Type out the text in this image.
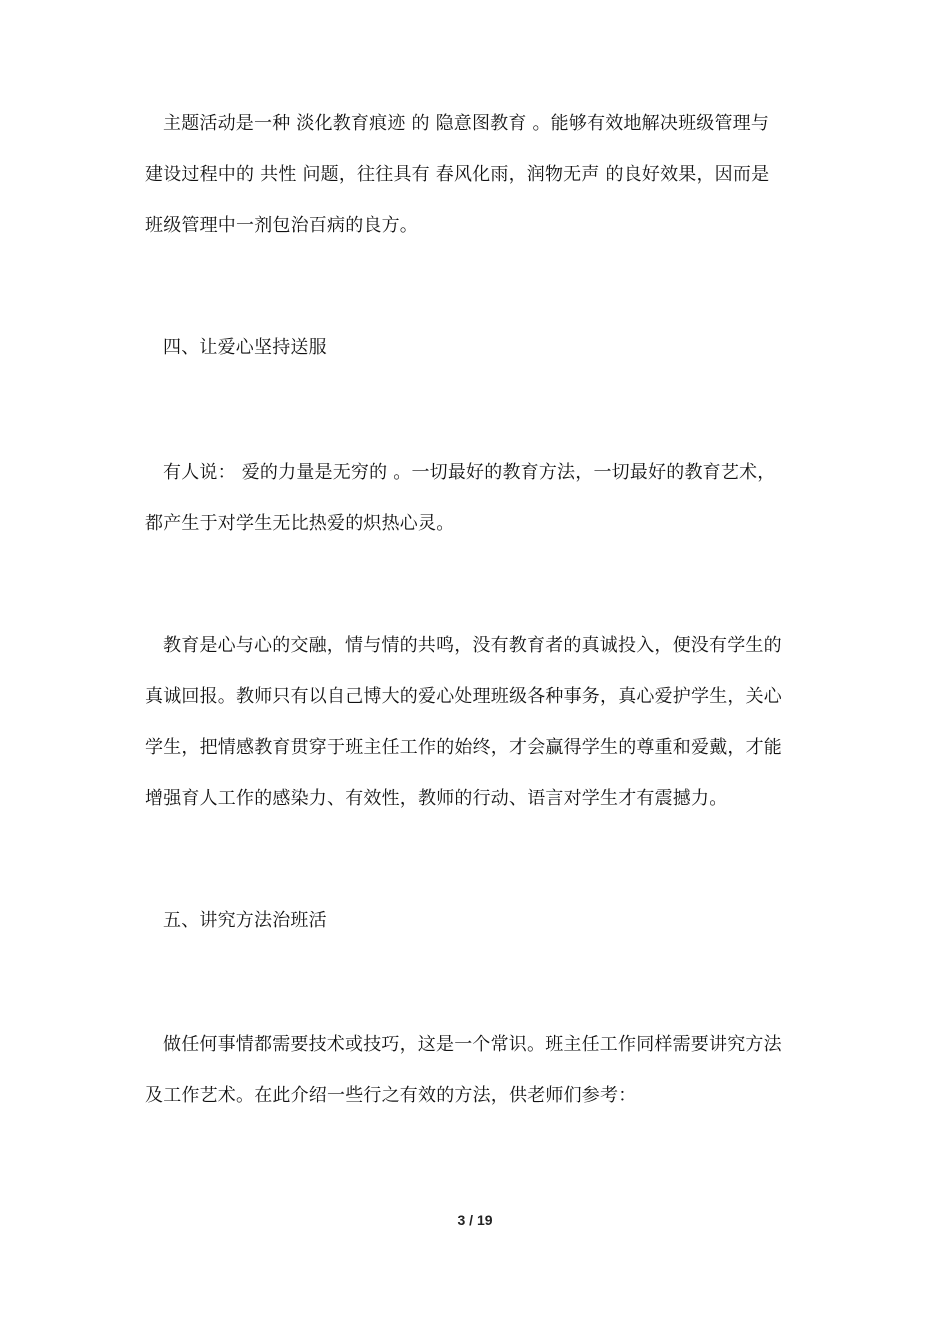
主题活动是一种 淡化教育痕迹 的 隐意图教育 。能够有效地解决班级管理与
建设过程中的 共性 问题，往往具有 春风化雨，润物无声 的良好效果，因而是
班级管理中一剂包治百病的良方。
四、让爱心坚持送服
有人说： 爱的力量是无穷的 。一切最好的教育方法，一切最好的教育艺术，
都产生于对学生无比热爱的炽热心灵。
教育是心与心的交融，情与情的共鸣，没有教育者的真诚投入，便没有学生的
真诚回报。教师只有以自己博大的爱心处理班级各种事务，真心爱护学生，关心
学生，把情感教育贯穿于班主任工作的始终，才会赢得学生的尊重和爱戴，才能
增强育人工作的感染力、有效性，教师的行动、语言对学生才有震撼力。
五、讲究方法治班活
做任何事情都需要技术或技巧，这是一个常识。班主任工作同样需要讲究方法
及工作艺术。在此介绍一些行之有效的方法，供老师们参考：
3 / 19
